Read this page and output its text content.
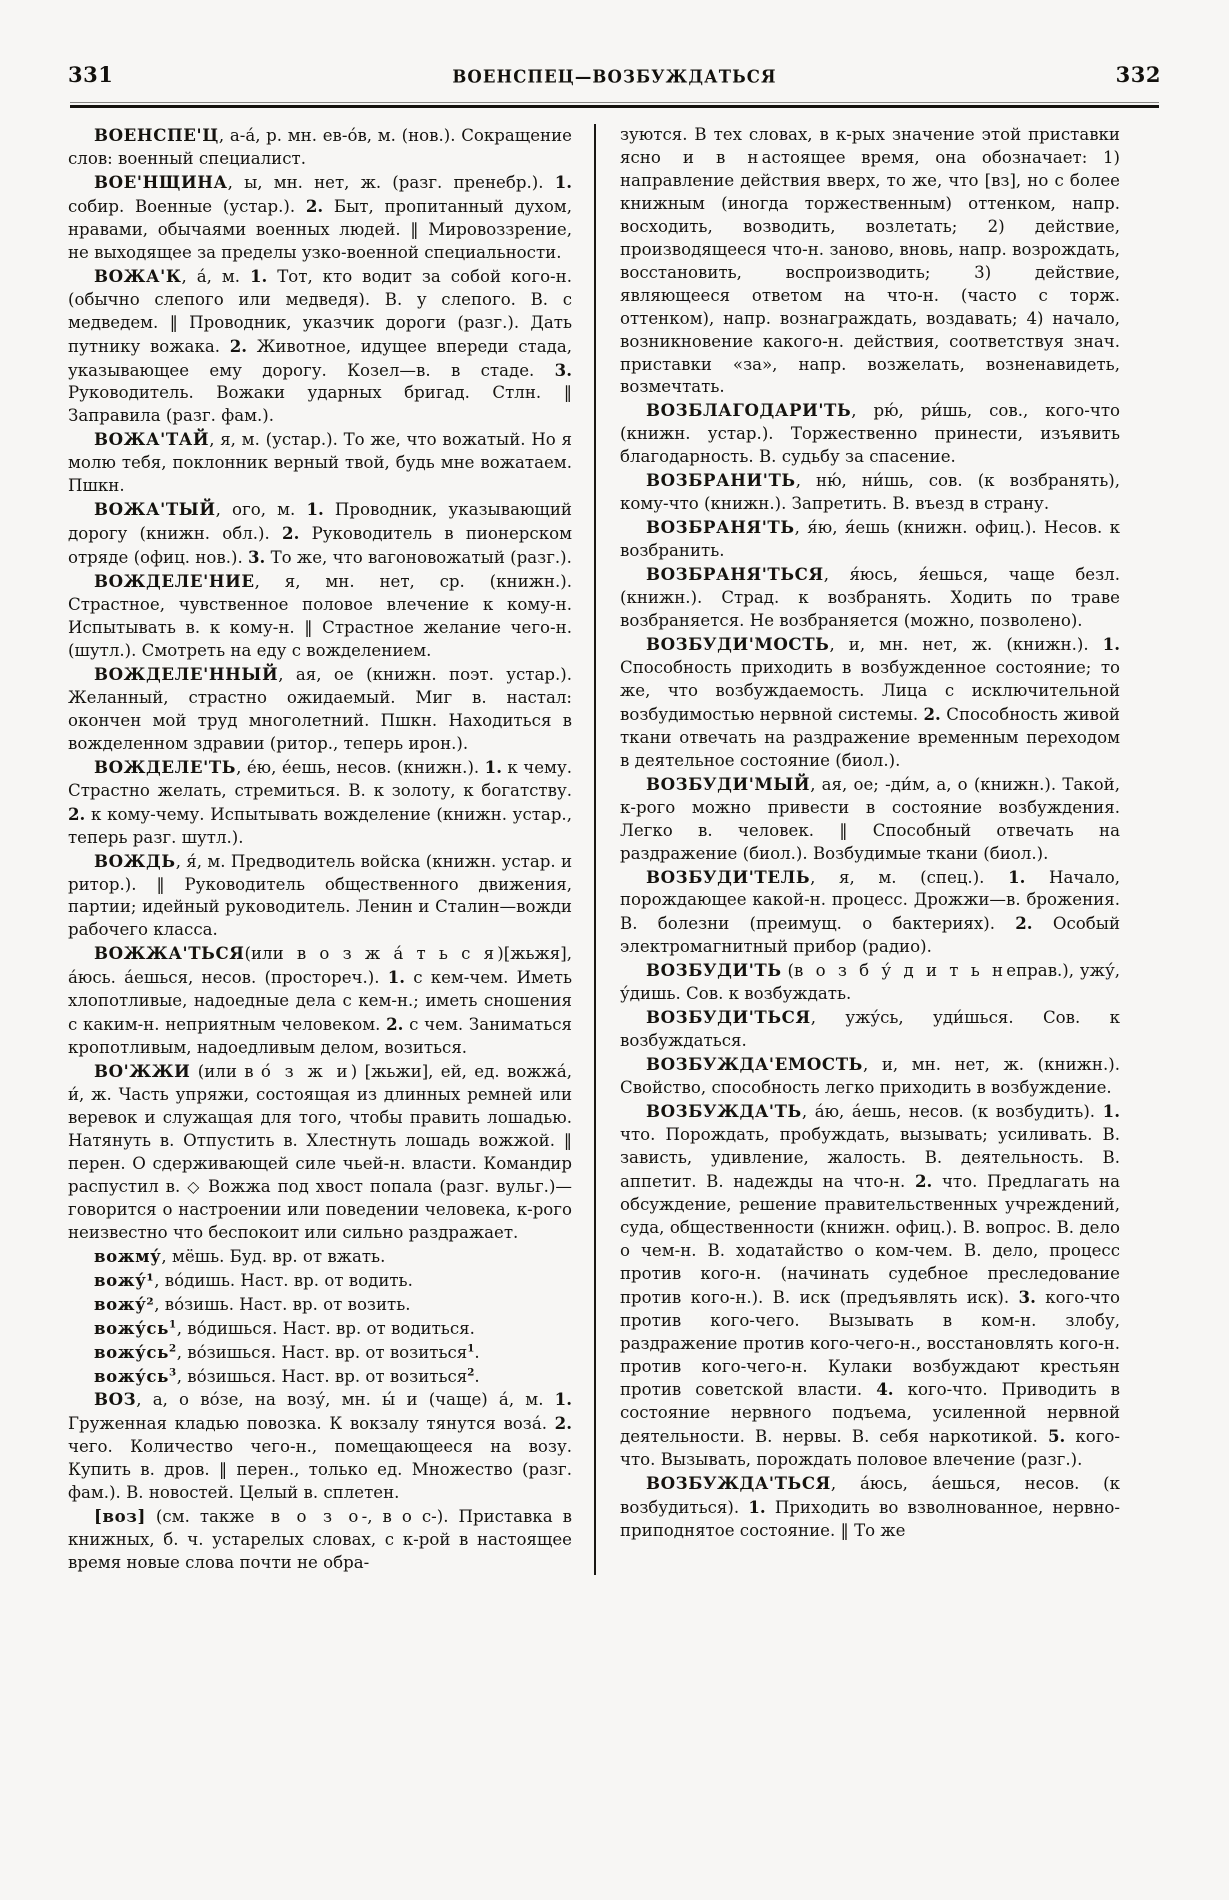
331	ВОЕНСПЕЦ—ВОЗБУЖДАТЬСЯ	332

ВОЕНСПЕ'Ц, а-а́, р. мн. ев-о́в, м. (нов.). Сокращение слов: военный специалист.

ВОЕ'НЩИНА, ы, мн. нет, ж. (разг. пренебр.). 1. собир. Военные (устар.). 2. Быт, пропитанный духом, нравами, обычаями военных людей. ‖ Мировоззрение, не выходящее за пределы узко-военной специальности.

ВОЖА'К, а́, м. 1. Тот, кто водит за собой кого-н. (обычно слепого или медведя). В. у слепого. В. с медведем. ‖ Проводник, указчик дороги (разг.). Дать путнику вожака. 2. Животное, идущее впереди стада, указывающее ему дорогу. Козел—в. в стаде. 3. Руководитель. Вожаки ударных бригад. Стлн. ‖ Заправила (разг. фам.).

ВОЖА'ТАЙ, я, м. (устар.). То же, что вожатый. Но я молю тебя, поклонник верный твой, будь мне вожатаем. Пшкн.

ВОЖА'ТЫЙ, ого, м. 1. Проводник, указывающий дорогу (книжн. обл.). 2. Руководитель в пионерском отряде (офиц. нов.). 3. То же, что вагоновожатый (разг.).

ВОЖДЕЛЕ'НИЕ, я, мн. нет, ср. (книжн.). Страстное, чувственное половое влечение к кому-н. Испытывать в. к кому-н. ‖ Страстное желание чего-н. (шутл.). Смотреть на еду с вожделением.

ВОЖДЕЛЕ'ННЫЙ, ая, ое (книжн. поэт. устар.). Желанный, страстно ожидаемый. Миг в. настал: окончен мой труд многолетний. Пшкн. Находиться в вожделенном здравии (ритор., теперь ирон.).

ВОЖДЕЛЕ'ТЬ, е́ю, е́ешь, несов. (книжн.). 1. к чему. Страстно желать, стремиться. В. к золоту, к богатству. 2. к кому-чему. Испытывать вожделение (книжн. устар., теперь разг. шутл.).

ВОЖДЬ, я́, м. Предводитель войска (книжн. устар. и ритор.). ‖ Руководитель общественного движения, партии; идейный руководитель. Ленин и Сталин—вожди рабочего класса.

ВОЖЖА'ТЬСЯ(или в о з ж а́ т ь с я)[жьжя], а́юсь. а́ешься, несов. (простореч.). 1. с кем-чем. Иметь хлопотливые, надоедные дела с кем-н.; иметь сношения с каким-н. неприятным человеком. 2. с чем. Заниматься кропотливым, надоедливым делом, возиться.

ВО'ЖЖИ (или в о́ з ж и) [жьжи], ей, ед. вожжа́, и́, ж. Часть упряжи, состоящая из длинных ремней или веревок и служащая для того, чтобы править лошадью. Натянуть в. Отпустить в. Хлестнуть лошадь вожжой. ‖ перен. О сдерживающей силе чьей-н. власти. Командир распустил в. ◇ Вожжа под хвост попала (разг. вульг.)—говорится о настроении или поведении человека, к-рого неизвестно что беспокоит или сильно раздражает.

вожму́, мёшь. Буд. вр. от вжать.

вожу́¹, во́дишь. Наст. вр. от водить.

вожу́², во́зишь. Наст. вр. от возить.

$вожу́сь^1$, во́дишься. Наст. вр. от водиться.

$вожу́сь^2$, во́зишься. Наст. вр. от возиться$^1$.

$вожу́сь^3$, во́зишься. Наст. вр. от возиться$^2$.

ВОЗ, а, о во́зе, на возу́, мн. ы́ и (чаще) а́, м. 1. Груженная кладью повозка. К вокзалу тянутся воза́. 2. чего. Количество чего-н., помещающееся на возу. Купить в. дров. ‖ перен., только ед. Множество (разг. фам.). В. новостей. Целый в. сплетен.

[воз] (см. также в о з о-, в о с-). Приставка в книжных, б. ч. устарелых словах, с к-рой в настоящее время новые слова почти не обра-

зуются. В тех словах, в к-рых значение этой приставки ясно и в настоящее время, она обозначает: 1) направление действия вверх, то же, что [вз], но с более книжным (иногда торжественным) оттенком, напр. восходить, возводить, возлетать; 2) действие, производящееся что-н. заново, вновь, напр. возрождать, восстановить, воспроизводить; 3) действие, являющееся ответом на что-н. (часто с торж. оттенком), напр. вознаграждать, воздавать; 4) начало, возникновение какого-н. действия, соответствуя знач. приставки «за», напр. возжелать, возненавидеть, возмечтать.

ВОЗБЛАГОДАРИ'ТЬ, рю́, ри́шь, сов., кого-что (книжн. устар.). Торжественно принести, изъявить благодарность. В. судьбу за спасение.

ВОЗБРАНИ'ТЬ, ню́, ни́шь, сов. (к возбранять), кому-что (книжн.). Запретить. В. въезд в страну.

ВОЗБРАНЯ'ТЬ, я́ю, я́ешь (книжн. офиц.). Несов. к возбранить.

ВОЗБРАНЯ'ТЬСЯ, я́юсь, я́ешься, чаще безл. (книжн.). Страд. к возбранять. Ходить по траве возбраняется. Не возбраняется (можно, позволено).

ВОЗБУДИ'МОСТЬ, и, мн. нет, ж. (книжн.). 1. Способность приходить в возбужденное состояние; то же, что возбуждаемость. Лица с исключительной возбудимостью нервной системы. 2. Способность живой ткани отвечать на раздражение временным переходом в деятельное состояние (биол.).

ВОЗБУДИ'МЫЙ, ая, ое; -ди́м, а, о (книжн.). Такой, к-рого можно привести в состояние возбуждения. Легко в. человек. ‖ Способный отвечать на раздражение (биол.). Возбудимые ткани (биол.).

ВОЗБУДИ'ТЕЛЬ, я, м. (спец.). 1. Начало, порождающее какой-н. процесс. Дрожжи—в. брожения. В. болезни (преимущ. о бактериях). 2. Особый электромагнитный прибор (радио).

ВОЗБУДИ'ТЬ (в о з б у́ д и т ь неправ.), ужу́, у́дишь. Сов. к возбуждать.

ВОЗБУДИ'ТЬСЯ, ужу́сь, уди́шься. Сов. к возбуждаться.

ВОЗБУЖДА'ЕМОСТЬ, и, мн. нет, ж. (книжн.). Свойство, способность легко приходить в возбуждение.

ВОЗБУЖДА'ТЬ, а́ю, а́ешь, несов. (к возбудить). 1. что. Порождать, пробуждать, вызывать; усиливать. В. зависть, удивление, жалость. В. деятельность. В. аппетит. В. надежды на что-н. 2. что. Предлагать на обсуждение, решение правительственных учреждений, суда, общественности (книжн. офиц.). В. вопрос. В. дело о чем-н. В. ходатайство о ком-чем. В. дело, процесс против кого-н. (начинать судебное преследование против кого-н.). В. иск (предъявлять иск). 3. кого-что против кого-чего. Вызывать в ком-н. злобу, раздражение против кого-чего-н., восстановлять кого-н. против кого-чего-н. Кулаки возбуждают крестьян против советской власти. 4. кого-что. Приводить в состояние нервного подъема, усиленной нервной деятельности. В. нервы. В. себя наркотикой. 5. кого-что. Вызывать, порождать половое влечение (разг.).

ВОЗБУЖДА'ТЬСЯ, а́юсь, а́ешься, несов. (к возбудиться). 1. Приходить во взволнованное, нервно-приподнятое состояние. ‖ То же
